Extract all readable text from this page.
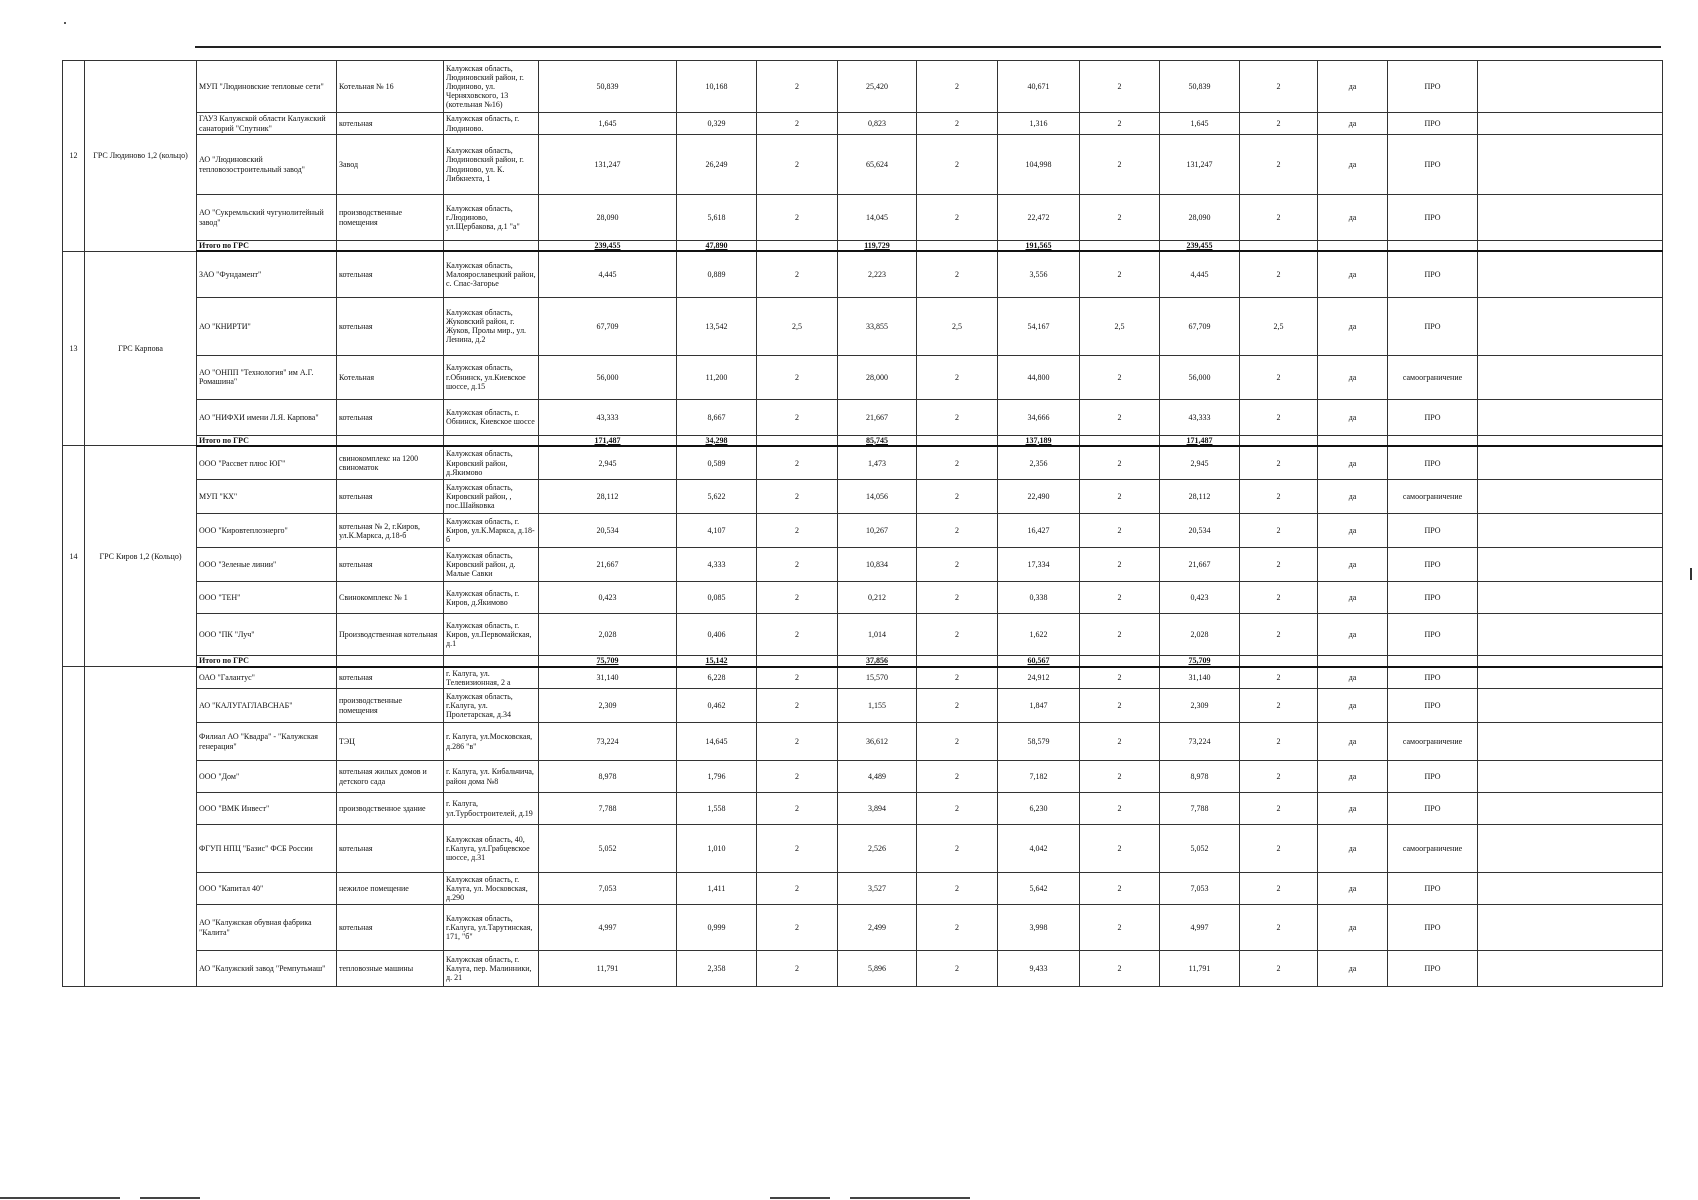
12	ГРС Людиново 1,2 (кольцо)	МУП "Людиновские тепловые сети"	Котельная № 16	Калужская область, Людиновский район, г. Людиново, ул. Черняховского, 13 (котельная №16)	50,839	10,168	2	25,420	2	40,671	2	50,839	2	да	ПРО	
		ГАУЗ Калужской области Калужский санаторий "Спутник"	котельная	Калужская область, г. Людиново.	1,645	0,329	2	0,823	2	1,316	2	1,645	2	да	ПРО	
		АО "Людиновский тепловозостроительный завод"	Завод	Калужская область, Людиновский район, г. Людиново, ул. К. Либкнехта, 1	131,247	26,249	2	65,624	2	104,998	2	131,247	2	да	ПРО	
		АО "Сукремльский чугунолитейный завод"	производственные помещения	Калужская область, г.Людиново, ул.Щербакова, д.1 "а"	28,090	5,618	2	14,045	2	22,472	2	28,090	2	да	ПРО	
		Итого по ГРС			239,455	47,890		119,729		191,565		239,455				
13	ГРС Карпова	ЗАО "Фундамент"	котельная	Калужская область, Малоярославецкий район, с. Спас-Загорье	4,445	0,889	2	2,223	2	3,556	2	4,445	2	да	ПРО	
		АО "КНИРТИ"	котельная	Калужская область, Жуковский район, г. Жуков, Пролы мир., ул. Ленина, д.2	67,709	13,542	2,5	33,855	2,5	54,167	2,5	67,709	2,5	да	ПРО	
		АО "ОНПП "Технология" им А.Г. Ромашина"	Котельная	Калужская область, г.Обнинск, ул.Киевское шоссе, д.15	56,000	11,200	2	28,000	2	44,800	2	56,000	2	да	самоограничение	
		АО "НИФХИ имени Л.Я. Карпова"	котельная	Калужская область, г. Обнинск, Киевское шоссе	43,333	8,667	2	21,667	2	34,666	2	43,333	2	да	ПРО	
		Итого по ГРС			171,487	34,298		85,745		137,189		171,487				
14	ГРС Киров 1,2 (Кольцо)	ООО "Рассвет плюс ЮГ"	свинокомплекс на 1200 свиноматок	Калужская область, Кировский район, д.Якимово	2,945	0,589	2	1,473	2	2,356	2	2,945	2	да	ПРО	
		МУП "КХ"	котельная	Калужская область, Кировский район, , пос.Шайковка	28,112	5,622	2	14,056	2	22,490	2	28,112	2	да	самоограничение	
		ООО "Кировтеплоэнерго"	котельная № 2, г.Киров, ул.К.Маркса, д.18-б	Калужская область, г. Киров, ул.К.Маркса, д.18-б	20,534	4,107	2	10,267	2	16,427	2	20,534	2	да	ПРО	
		ООО "Зеленые линии"	котельная	Калужская область, Кировский район, д. Малые Савки	21,667	4,333	2	10,834	2	17,334	2	21,667	2	да	ПРО	
		ООО "ТЕН"	Свинокомплекс № 1	Калужская область, г. Киров, д.Якимово	0,423	0,085	2	0,212	2	0,338	2	0,423	2	да	ПРО	
		ООО "ПК "Луч"	Производственная котельная	Калужская область, г. Киров, ул.Первомайская, д.1	2,028	0,406	2	1,014	2	1,622	2	2,028	2	да	ПРО	
		Итого по ГРС			75,709	15,142		37,856		60,567		75,709				
		ОАО "Галантус"	котельная	г. Калуга, ул. Телевизионная, 2 а	31,140	6,228	2	15,570	2	24,912	2	31,140	2	да	ПРО	
		АО "КАЛУГАГЛАВСНАБ"	производственные помещения	Калужская область, г.Калуга, ул. Пролетарская, д.34	2,309	0,462	2	1,155	2	1,847	2	2,309	2	да	ПРО	
		Филиал АО "Квадра" - "Калужская генерация"	ТЭЦ	г. Калуга, ул.Московская, д.286 "в"	73,224	14,645	2	36,612	2	58,579	2	73,224	2	да	самоограничение	
		ООО "Дом"	котельная жилых домов и детского сада	г. Калуга, ул. Кибальчича, район дома №8	8,978	1,796	2	4,489	2	7,182	2	8,978	2	да	ПРО	
		ООО "ВМК Инвест"	производственное здание	г. Калуга, ул.Турбостроителей, д.19	7,788	1,558	2	3,894	2	6,230	2	7,788	2	да	ПРО	
		ФГУП НПЦ "Базис" ФСБ России	котельная	Калужская область, 40, г.Калуга, ул.Грабцевское шоссе, д.31	5,052	1,010	2	2,526	2	4,042	2	5,052	2	да	самоограничение	
		ООО "Капитал 40"	нежилое помещение	Калужская область, г. Калуга, ул. Московская, д.290	7,053	1,411	2	3,527	2	5,642	2	7,053	2	да	ПРО	
		АО "Калужская обувная фабрика "Калита"	котельная	Калужская область, г.Калуга, ул.Тарутинская, 171, "б"	4,997	0,999	2	2,499	2	3,998	2	4,997	2	да	ПРО	
		АО "Калужский завод "Ремпутьмаш"	тепловозные машины	Калужская область, г. Калуга, пер. Малинники, д. 21	11,791	2,358	2	5,896	2	9,433	2	11,791	2	да	ПРО	
